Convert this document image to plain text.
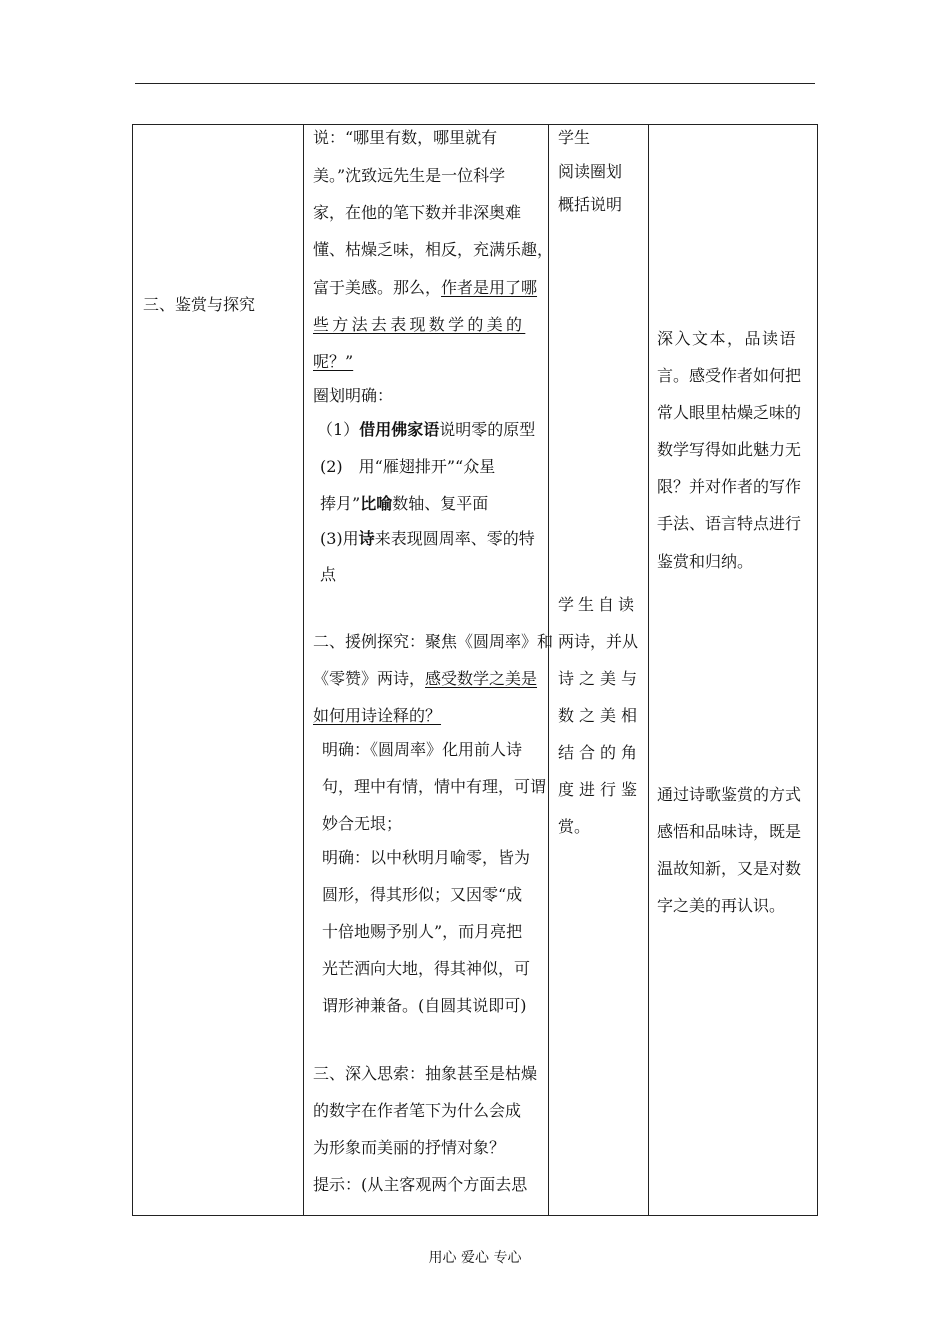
三、鉴赏与探究
说：“哪里有数，哪里就有
美。”沈致远先生是一位科学
家，在他的笔下数并非深奥难
懂、枯燥乏味，相反，充满乐趣，
富于美感。那么，作者是用了哪
些方法去表现数学的美的
呢？”
圈划明确：
（1）借用佛家语说明零的原型
(2)　用“雁翅排开”“众星
捧月”比喻数轴、复平面
(3)用诗来表现圆周率、零的特
点
二、援例探究：聚焦《圆周率》和
《零赞》两诗，感受数学之美是
如何用诗诠释的？
明确：《圆周率》化用前人诗
句，理中有情，情中有理，可谓
妙合无垠；
明确：以中秋明月喻零，皆为
圆形，得其形似；又因零“成
十倍地赐予别人”，而月亮把
光芒洒向大地，得其神似，可
谓形神兼备。(自圆其说即可)
三、深入思索：抽象甚至是枯燥
的数字在作者笔下为什么会成
为形象而美丽的抒情对象？
提示：(从主客观两个方面去思
学生
阅读圈划
概括说明
学生自读
两诗，并从
诗之美与
数之美相
结合的角
度进行鉴
赏。
深入文本，品读语
言。感受作者如何把
常人眼里枯燥乏味的
数学写得如此魅力无
限？并对作者的写作
手法、语言特点进行
鉴赏和归纳。
通过诗歌鉴赏的方式
感悟和品味诗，既是
温故知新，又是对数
字之美的再认识。
用心 爱心 专心
